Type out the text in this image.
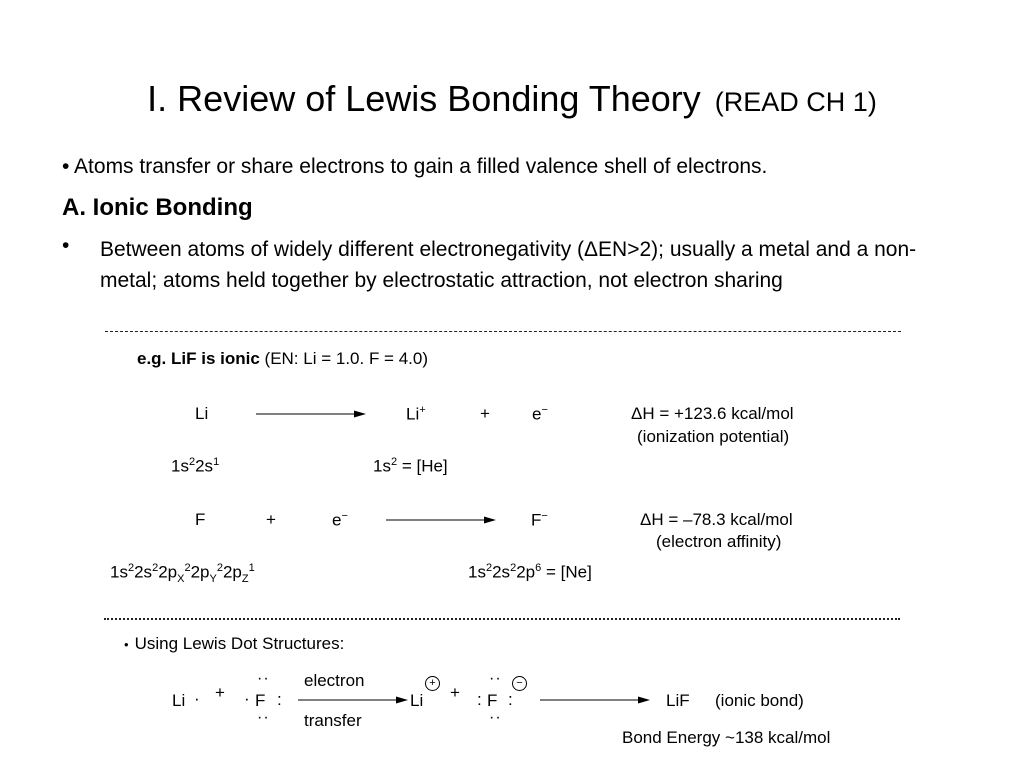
I. Review of Lewis Bonding Theory (READ CH 1)
• Atoms transfer or share electrons to gain a filled valence shell of electrons.
A. Ionic Bonding
• Between atoms of widely different electronegativity (ΔEN>2); usually a metal and a non-metal; atoms held together by electrostatic attraction, not electron sharing
e.g. LiF is ionic (EN: Li = 1.0. F = 4.0)
Li	Li+	+ e−	ΔH = +123.6 kcal/mol
(ionization potential)
$1s^22s^1$	$1s^2 = [He]$
F	+	e−	F−	ΔH = –78.3 kcal/mol
(electron affinity)
$1s^22s^22p_X^22p_Y^22p_Z^1$	$1s^22s^22p^6 = [Ne]$
• Using Lewis Dot Structures:
Li · + · F
··
:
··
electron
transfer
Li
+ + : F :
··
··
−
LiF (ionic bond)
Bond Energy ~138 kcal/mol
